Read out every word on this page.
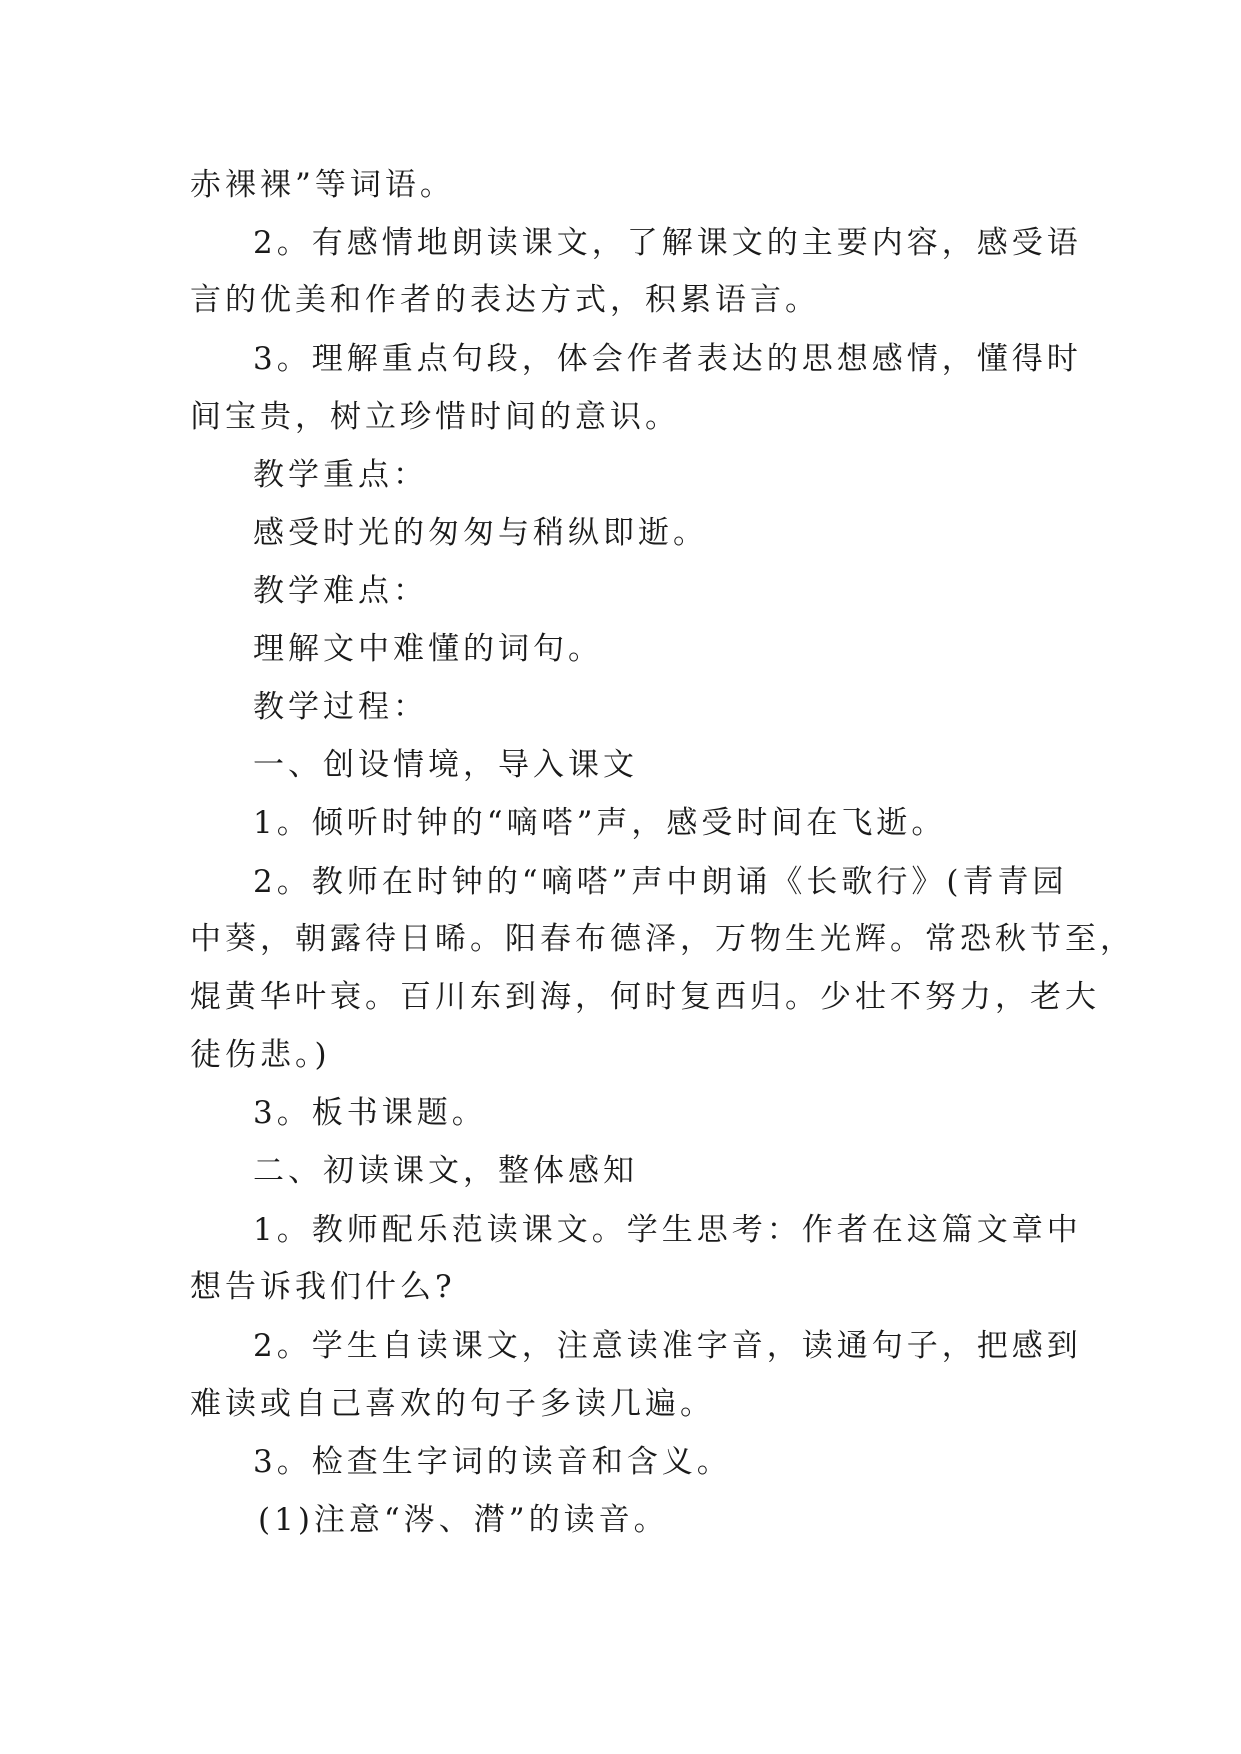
赤裸裸”等词语。
2。有感情地朗读课文，了解课文的主要内容，感受语
言的优美和作者的表达方式，积累语言。
3。理解重点句段，体会作者表达的思想感情，懂得时
间宝贵，树立珍惜时间的意识。
教学重点：
感受时光的匆匆与稍纵即逝。
教学难点：
理解文中难懂的词句。
教学过程：
一、创设情境，导入课文
1。倾听时钟的“嘀嗒”声，感受时间在飞逝。
2。教师在时钟的“嘀嗒”声中朗诵《长歌行》(青青园
中葵，朝露待日晞。阳春布德泽，万物生光辉。常恐秋节至，
焜黄华叶衰。百川东到海，何时复西归。少壮不努力，老大
徒伤悲。)
3。板书课题。
二、初读课文，整体感知
1。教师配乐范读课文。学生思考：作者在这篇文章中
想告诉我们什么?
2。学生自读课文，注意读准字音，读通句子，把感到
难读或自己喜欢的句子多读几遍。
3。检查生字词的读音和含义。
(1)注意“涔、潸”的读音。
